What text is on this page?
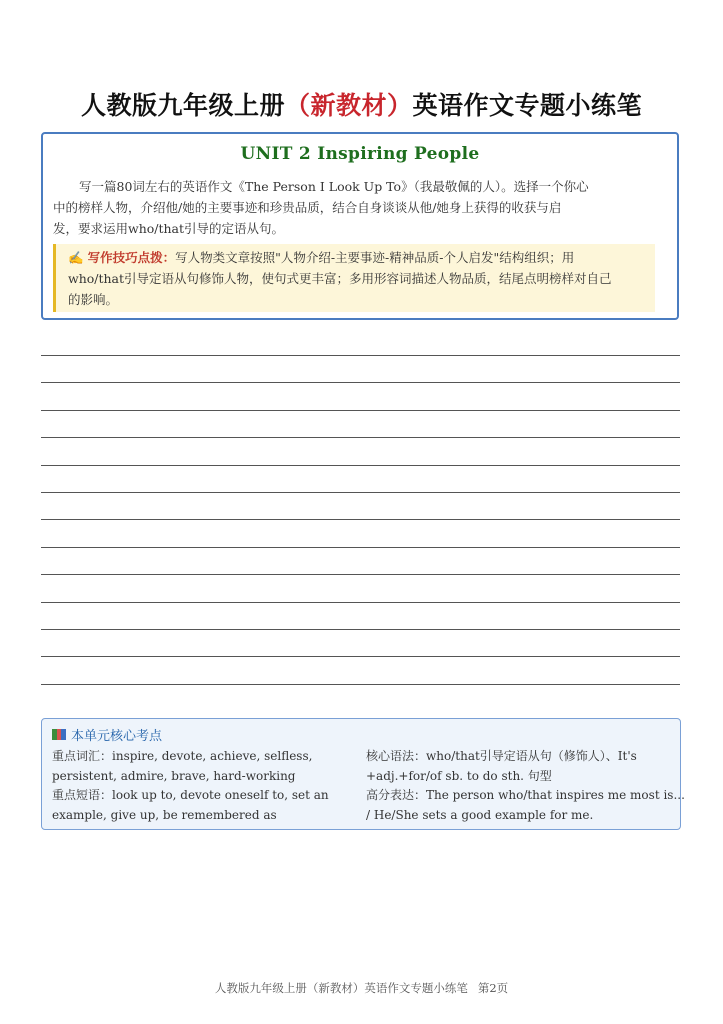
人教版九年级上册（新教材）英语作文专题小练笔
UNIT 2 Inspiring People
写一篇80词左右的英语作文《The Person I Look Up To》（我最敬佩的人）。选择一个你心
中的榜样人物，介绍他/她的主要事迹和珍贵品质，结合自身谈谈从他/她身上获得的收获与启
发，要求运用who/that引导的定语从句。
✍ 写作技巧点拨：写人物类文章按照"人物介绍-主要事迹-精神品质-个人启发"结构组织；用
who/that引导定语从句修饰人物，使句式更丰富；多用形容词描述人物品质，结尾点明榜样对自己
的影响。
本单元核心考点
重点词汇：inspire, devote, achieve, selfless,
persistent, admire, brave, hard-working
重点短语：look up to, devote oneself to, set an
example, give up, be remembered as
核心语法：who/that引导定语从句（修饰人）、It's
+adj.+for/of sb. to do sth. 句型
高分表达：The person who/that inspires me most is...
/ He/She sets a good example for me.
人教版九年级上册（新教材）英语作文专题小练笔 第2页
